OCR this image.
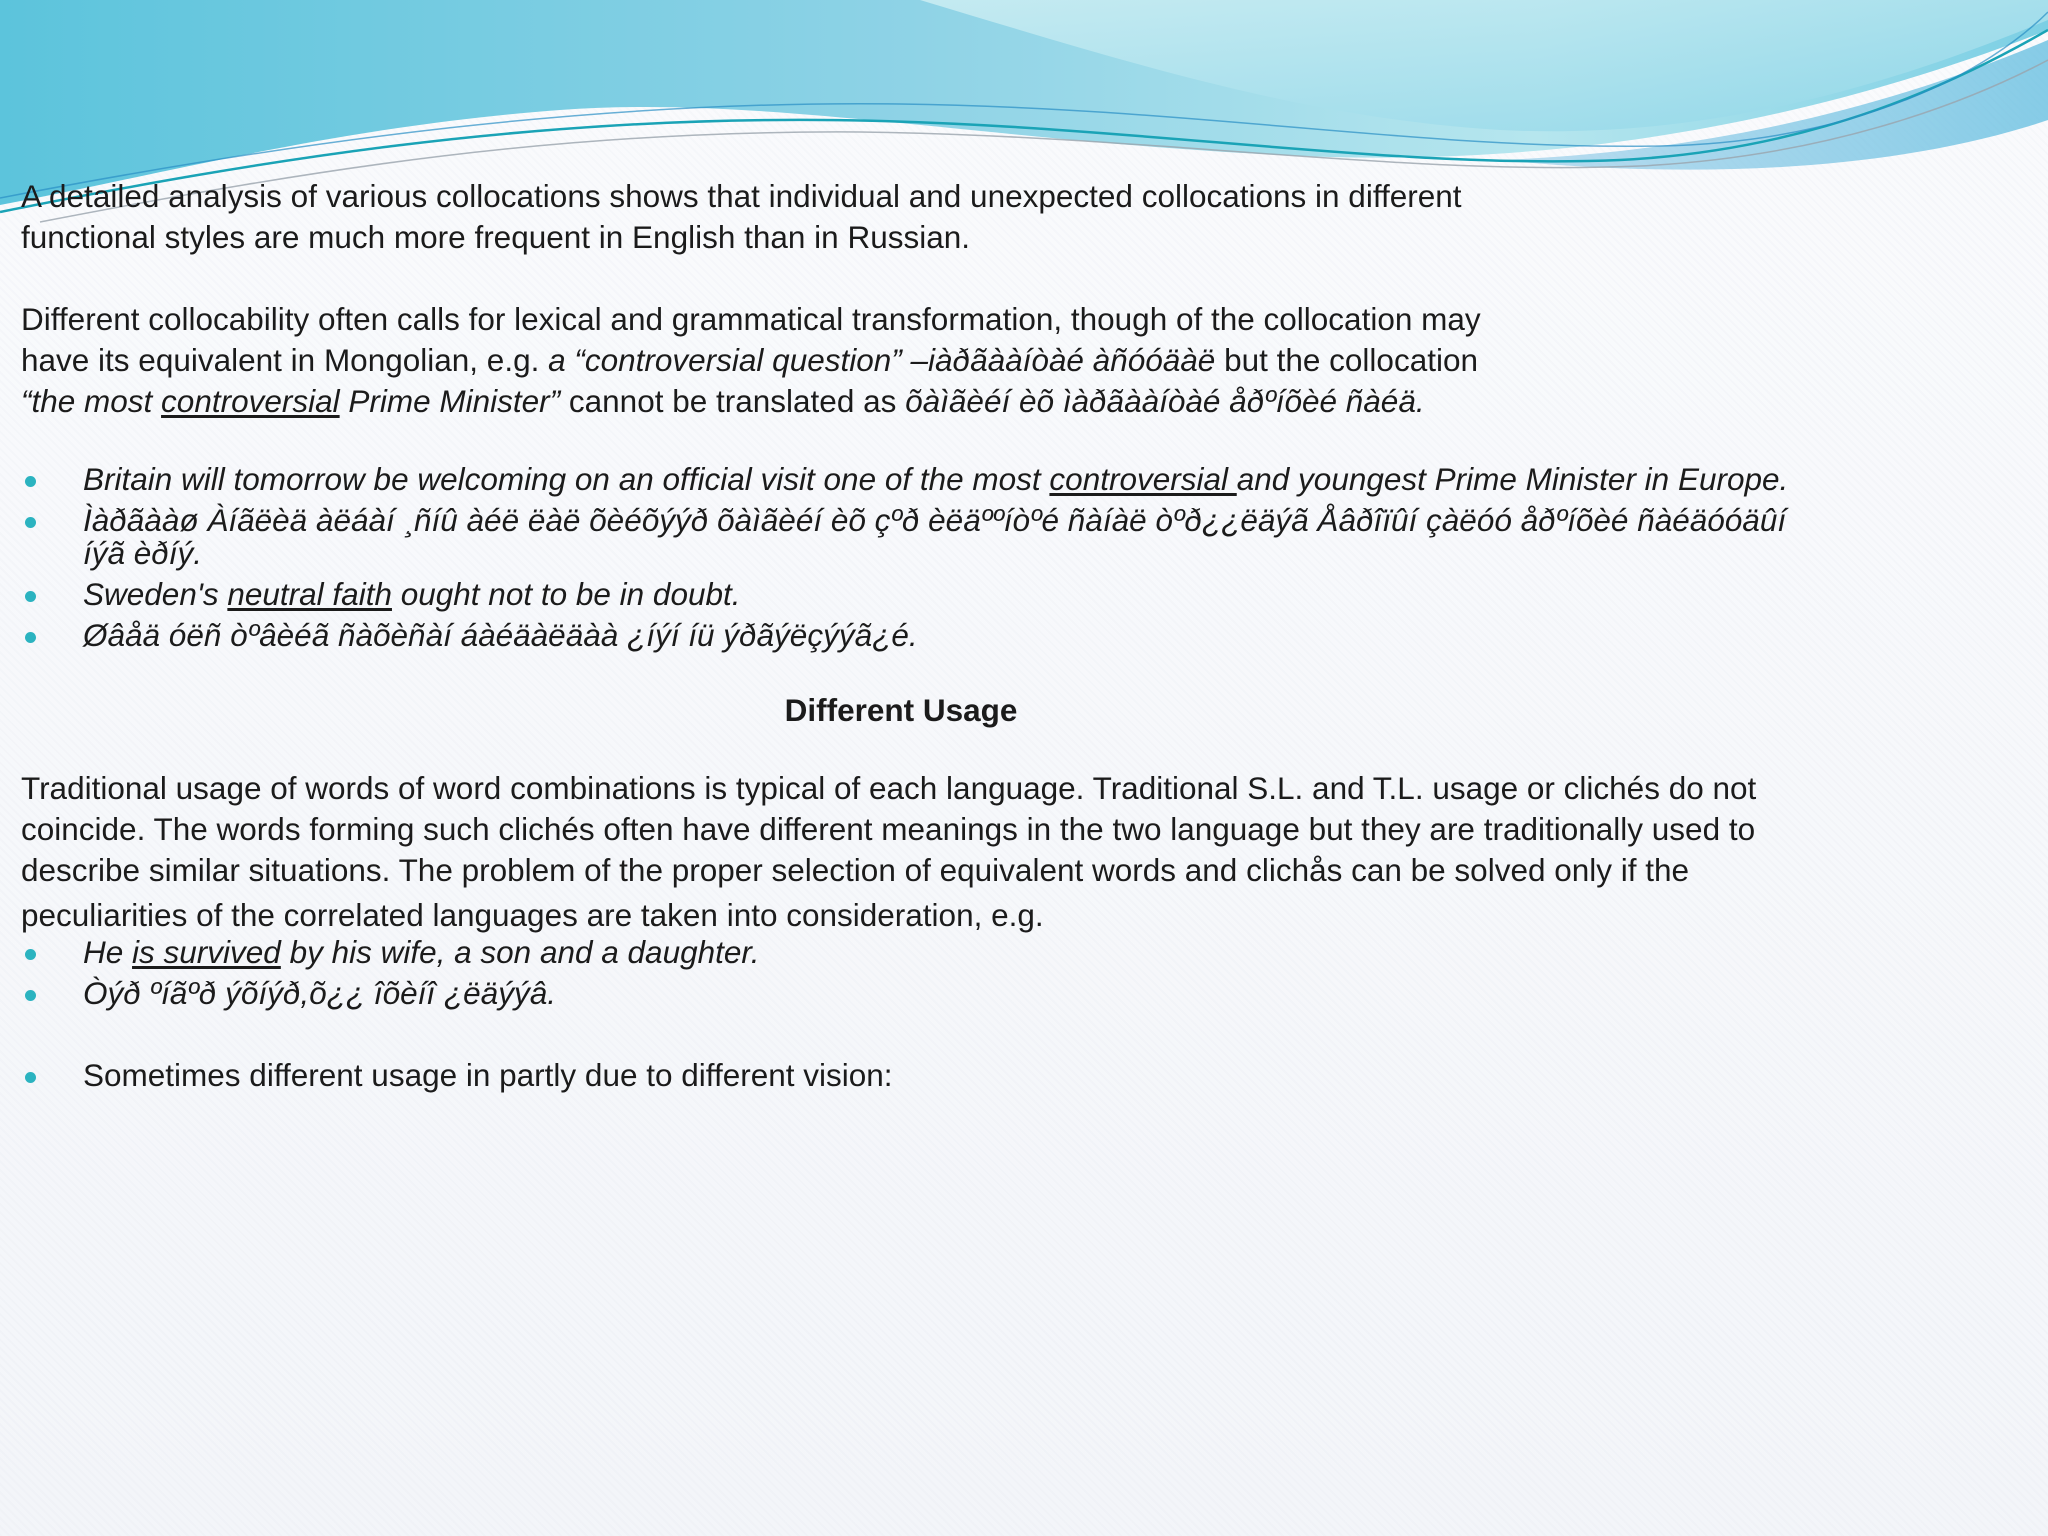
A detailed analysis of various collocations shows that individual and unexpected collocations in different

functional styles are much more frequent in English than in Russian.

Different collocability often calls for lexical and grammatical transformation, though of the collocation may

have its equivalent in Mongolian, e.g. a “controversial question” –iàðãààíòàé àñóóäàë but the collocation

“the most controversial Prime Minister” cannot be translated as õàìãèéí èõ ìàðãààíòàé åðºíõèé ñàéä.

Britain will tomorrow be welcoming on an official visit one of the most controversial and youngest Prime Minister in Europe.
Ìàðãààø Àíãëèä àëáàí ¸ñíû àéë ëàë õèéõýýð õàìãèéí èõ çºð èëäººíòºé ñàíàë òºð¿¿ëäýã Åâðîïûí çàëóó åðºíõèé ñàéäóóäûí íýã èðíý.
Sweden's neutral faith ought not to be in doubt.
Øâåä óëñ òºâèéã ñàõèñàí áàéäàëäàà ¿íýí íü ýðãýëçýýã¿é.

Different Usage

Traditional usage of words of word combinations is typical of each language. Traditional S.L. and T.L. usage or clichés do not

coincide. The words forming such clichés often have different meanings in the two language but they are traditionally used to

describe similar situations. The problem of the proper selection of equivalent words and clichås can be solved only if the

peculiarities of the correlated languages are taken into consideration, e.g.

He is survived by his wife, a son and a daughter.
Òýð ºíãºð ýõíýð,õ¿¿ îõèíî ¿ëäýýâ.
Sometimes different usage in partly due to different vision:
